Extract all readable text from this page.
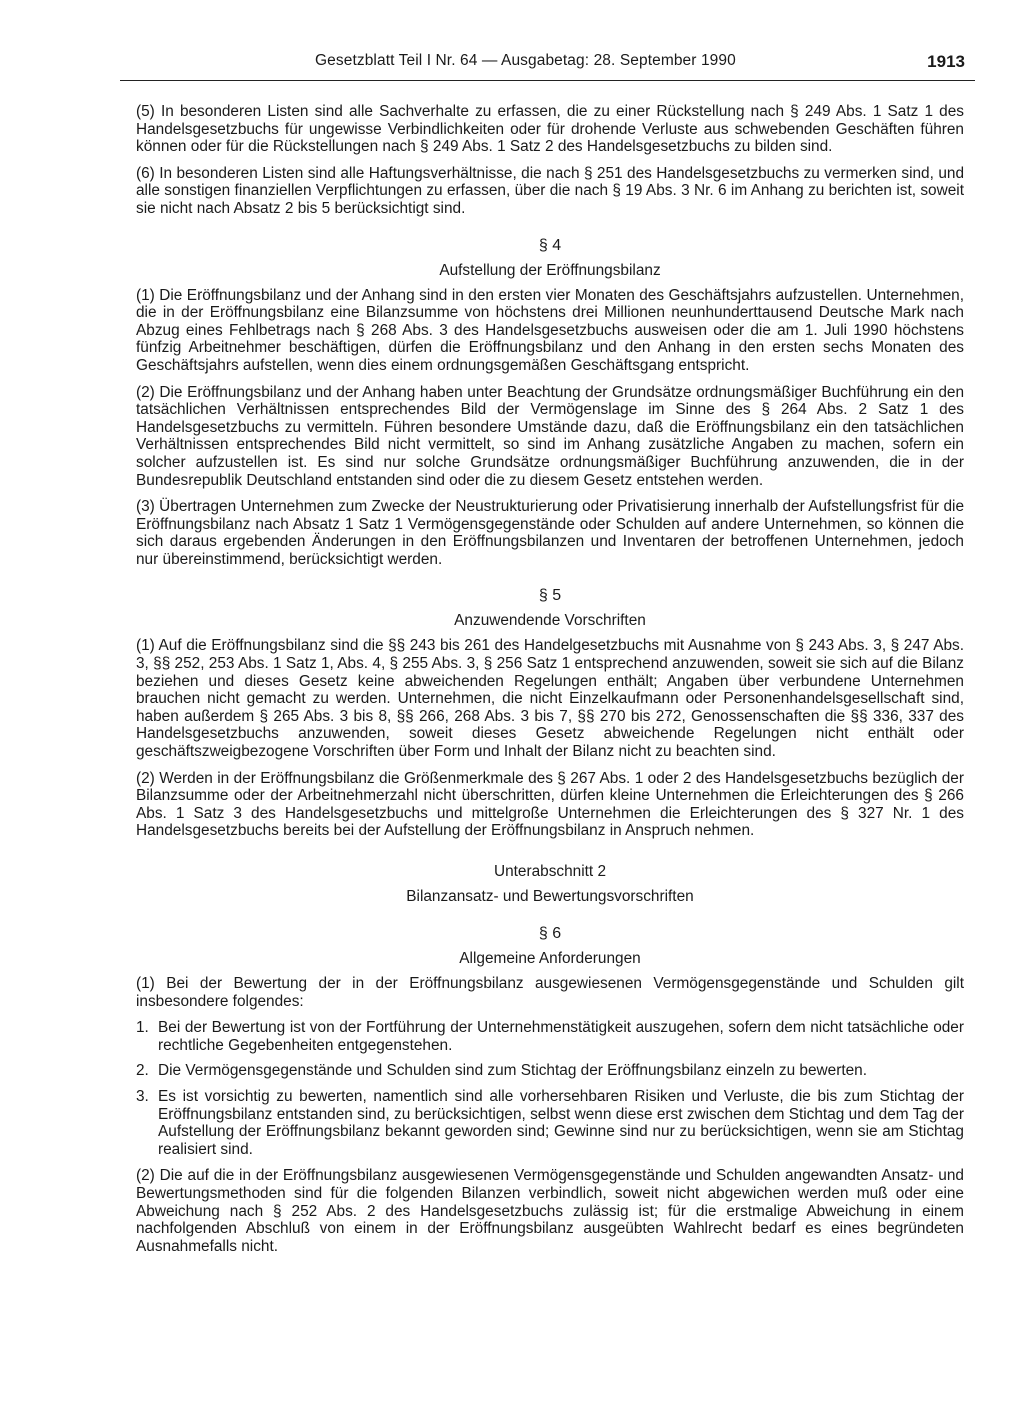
Gesetzblatt Teil I Nr. 64 — Ausgabetag: 28. September 1990	1913

(5) In besonderen Listen sind alle Sachverhalte zu erfassen, die zu einer Rückstellung nach § 249 Abs. 1 Satz 1 des Handelsgesetzbuchs für ungewisse Verbindlichkeiten oder für drohende Verluste aus schwebenden Geschäften führen können oder für die Rückstellungen nach § 249 Abs. 1 Satz 2 des Handelsgesetzbuchs zu bilden sind.

(6) In besonderen Listen sind alle Haftungsverhältnisse, die nach § 251 des Handelsgesetzbuchs zu vermerken sind, und alle sonstigen finanziellen Verpflichtungen zu erfassen, über die nach § 19 Abs. 3 Nr. 6 im Anhang zu berichten ist, soweit sie nicht nach Absatz 2 bis 5 berücksichtigt sind.

§ 4
Aufstellung der Eröffnungsbilanz

(1) Die Eröffnungsbilanz und der Anhang sind in den ersten vier Monaten des Geschäftsjahrs aufzustellen. Unternehmen, die in der Eröffnungsbilanz eine Bilanzsumme von höchstens drei Millionen neunhunderttausend Deutsche Mark nach Abzug eines Fehlbetrags nach § 268 Abs. 3 des Handelsgesetzbuchs ausweisen oder die am 1. Juli 1990 höchstens fünfzig Arbeitnehmer beschäftigen, dürfen die Eröffnungsbilanz und den Anhang in den ersten sechs Monaten des Geschäftsjahrs aufstellen, wenn dies einem ordnungsgemäßen Geschäftsgang entspricht.

(2) Die Eröffnungsbilanz und der Anhang haben unter Beachtung der Grundsätze ordnungsmäßiger Buchführung ein den tatsächlichen Verhältnissen entsprechendes Bild der Vermögenslage im Sinne des § 264 Abs. 2 Satz 1 des Handelsgesetzbuchs zu vermitteln. Führen besondere Umstände dazu, daß die Eröffnungsbilanz ein den tatsächlichen Verhältnissen entsprechendes Bild nicht vermittelt, so sind im Anhang zusätzliche Angaben zu machen, sofern ein solcher aufzustellen ist. Es sind nur solche Grundsätze ordnungsmäßiger Buchführung anzuwenden, die in der Bundesrepublik Deutschland entstanden sind oder die zu diesem Gesetz entstehen werden.

(3) Übertragen Unternehmen zum Zwecke der Neustrukturierung oder Privatisierung innerhalb der Aufstellungsfrist für die Eröffnungsbilanz nach Absatz 1 Satz 1 Vermögensgegenstände oder Schulden auf andere Unternehmen, so können die sich daraus ergebenden Änderungen in den Eröffnungsbilanzen und Inventaren der betroffenen Unternehmen, jedoch nur übereinstimmend, berücksichtigt werden.

§ 5
Anzuwendende Vorschriften

(1) Auf die Eröffnungsbilanz sind die §§ 243 bis 261 des Handelgesetzbuchs mit Ausnahme von § 243 Abs. 3, § 247 Abs. 3, §§ 252, 253 Abs. 1 Satz 1, Abs. 4, § 255 Abs. 3, § 256 Satz 1 entsprechend anzuwenden, soweit sie sich auf die Bilanz beziehen und dieses Gesetz keine abweichenden Regelungen enthält; Angaben über verbundene Unternehmen brauchen nicht gemacht zu werden. Unternehmen, die nicht Einzelkaufmann oder Personenhandelsgesellschaft sind, haben außerdem § 265 Abs. 3 bis 8, §§ 266, 268 Abs. 3 bis 7, §§ 270 bis 272, Genossenschaften die §§ 336, 337 des Handelsgesetzbuchs anzuwenden, soweit dieses Gesetz abweichende Regelungen nicht enthält oder geschäftszweigbezogene Vorschriften über Form und Inhalt der Bilanz nicht zu beachten sind.

(2) Werden in der Eröffnungsbilanz die Größenmerkmale des § 267 Abs. 1 oder 2 des Handelsgesetzbuchs bezüglich der Bilanzsumme oder der Arbeitnehmerzahl nicht überschritten, dürfen kleine Unternehmen die Erleichterungen des § 266 Abs. 1 Satz 3 des Handelsgesetzbuchs und mittelgroße Unternehmen die Erleichterungen des § 327 Nr. 1 des Handelsgesetzbuchs bereits bei der Aufstellung der Eröffnungsbilanz in Anspruch nehmen.

Unterabschnitt 2
Bilanzansatz- und Bewertungsvorschriften
§ 6
Allgemeine Anforderungen

(1) Bei der Bewertung der in der Eröffnungsbilanz ausgewiesenen Vermögensgegenstände und Schulden gilt insbesondere folgendes:

1. Bei der Bewertung ist von der Fortführung der Unternehmenstätigkeit auszugehen, sofern dem nicht tatsächliche oder rechtliche Gegebenheiten entgegenstehen.
2. Die Vermögensgegenstände und Schulden sind zum Stichtag der Eröffnungsbilanz einzeln zu bewerten.
3. Es ist vorsichtig zu bewerten, namentlich sind alle vorhersehbaren Risiken und Verluste, die bis zum Stichtag der Eröffnungsbilanz entstanden sind, zu berücksichtigen, selbst wenn diese erst zwischen dem Stichtag und dem Tag der Aufstellung der Eröffnungsbilanz bekannt geworden sind; Gewinne sind nur zu berücksichtigen, wenn sie am Stichtag realisiert sind.

(2) Die auf die in der Eröffnungsbilanz ausgewiesenen Vermögensgegenstände und Schulden angewandten Ansatz- und Bewertungsmethoden sind für die folgenden Bilanzen verbindlich, soweit nicht abgewichen werden muß oder eine Abweichung nach § 252 Abs. 2 des Handelsgesetzbuchs zulässig ist; für die erstmalige Abweichung in einem nachfolgenden Abschluß von einem in der Eröffnungsbilanz ausgeübten Wahlrecht bedarf es eines begründeten Ausnahmefalls nicht.
